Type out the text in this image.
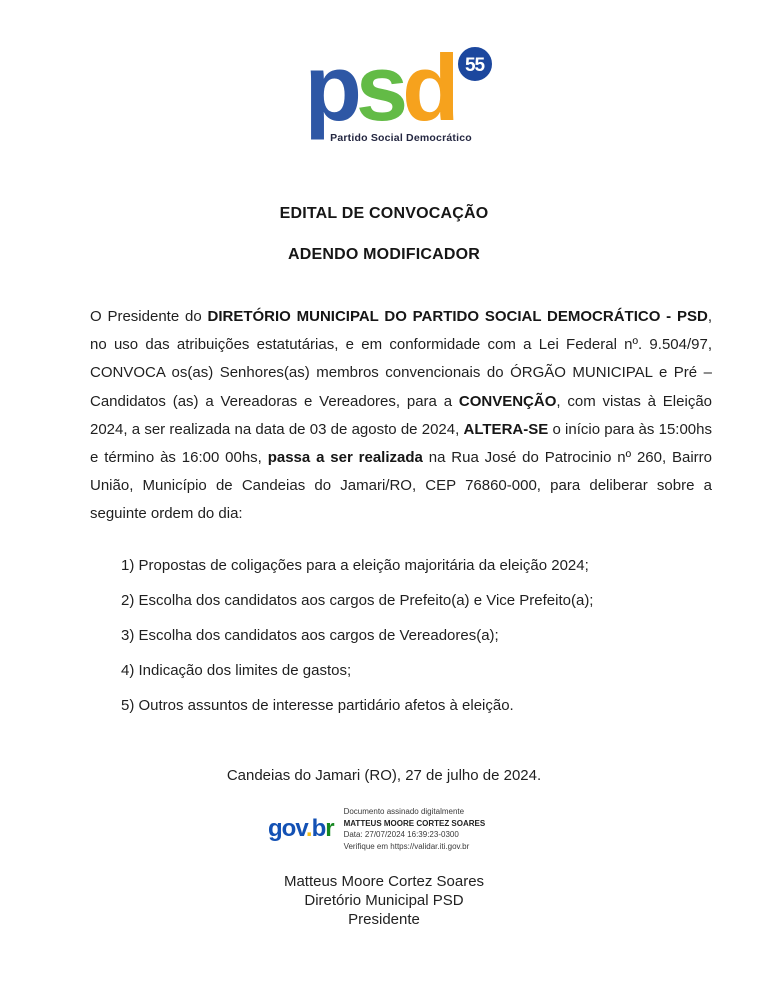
psd 55
Partido Social Democrático
EDITAL DE CONVOCAÇÃO
ADENDO MODIFICADOR

O Presidente do DIRETÓRIO MUNICIPAL DO PARTIDO SOCIAL DEMOCRÁTICO - PSD, no uso das atribuições estatutárias, e em conformidade com a Lei Federal nº. 9.504/97, CONVOCA os(as) Senhores(as) membros convencionais do ÓRGÃO MUNICIPAL e Pré – Candidatos (as) a Vereadoras e Vereadores, para a CONVENÇÃO, com vistas à Eleição 2024, a ser realizada na data de 03 de agosto de 2024, ALTERA-SE o início para às 15:00hs e término às 16:00 00hs, passa a ser realizada na Rua José do Patrocinio nº 260, Bairro União, Município de Candeias do Jamari/RO, CEP 76860-000, para deliberar sobre a seguinte ordem do dia:

1) Propostas de coligações para a eleição majoritária da eleição 2024;
2) Escolha dos candidatos aos cargos de Prefeito(a) e Vice Prefeito(a);
3) Escolha dos candidatos aos cargos de Vereadores(a);
4) Indicação dos limites de gastos;
5) Outros assuntos de interesse partidário afetos à eleição.
Candeias do Jamari (RO), 27 de julho de 2024.
gov.br
Documento assinado digitalmente
MATTEUS MOORE CORTEZ SOARES
Data: 27/07/2024 16:39:23-0300
Verifique em https://validar.iti.gov.br
Matteus Moore Cortez Soares
Diretório Municipal PSD
Presidente
